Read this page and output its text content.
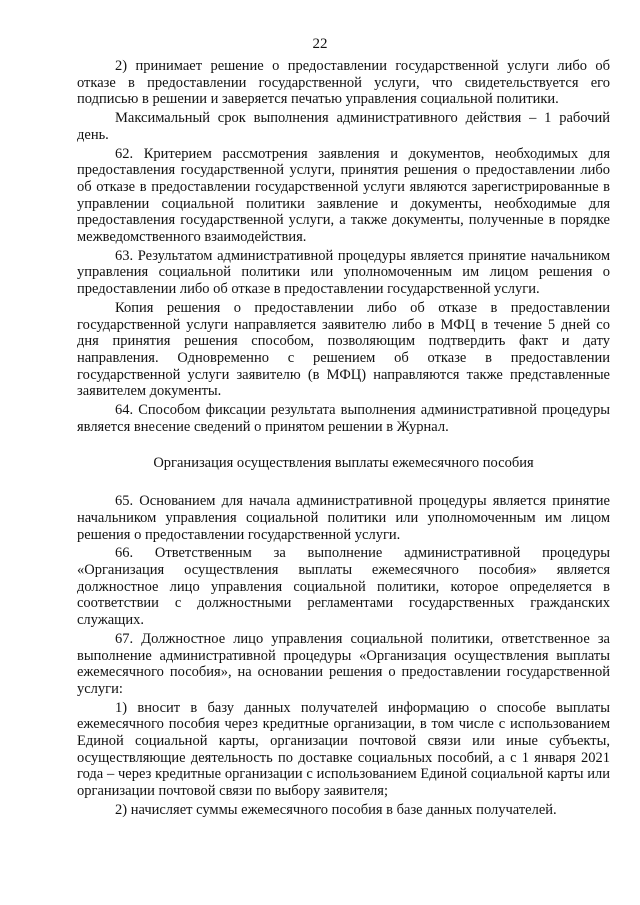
22

2) принимает решение о предоставлении государственной услуги либо об отказе в предоставлении государственной услуги, что свидетельствуется его подписью в решении и заверяется печатью управления социальной политики.

Максимальный срок выполнения административного действия – 1 рабочий день.

62. Критерием рассмотрения заявления и документов, необходимых для предоставления государственной услуги, принятия решения о предоставлении либо об отказе в предоставлении государственной услуги являются зарегистрированные в управлении социальной политики заявление и документы, необходимые для предоставления государственной услуги, а также документы, полученные в порядке межведомственного взаимодействия.

63. Результатом административной процедуры является принятие начальником управления социальной политики или уполномоченным им лицом решения о предоставлении либо об отказе в предоставлении государственной услуги.

Копия решения о предоставлении либо об отказе в предоставлении государственной услуги направляется заявителю либо в МФЦ в течение 5 дней со дня принятия решения способом, позволяющим подтвердить факт и дату направления. Одновременно с решением об отказе в предоставлении государственной услуги заявителю (в МФЦ) направляются также представленные заявителем документы.

64. Способом фиксации результата выполнения административной процедуры является внесение сведений о принятом решении в Журнал.

Организация осуществления выплаты ежемесячного пособия

65. Основанием для начала административной процедуры является принятие начальником управления социальной политики или уполномоченным им лицом решения о предоставлении государственной услуги.

66. Ответственным за выполнение административной процедуры «Организация осуществления выплаты ежемесячного пособия» является должностное лицо управления социальной политики, которое определяется в соответствии с должностными регламентами государственных гражданских служащих.

67. Должностное лицо управления социальной политики, ответственное за выполнение административной процедуры «Организация осуществления выплаты ежемесячного пособия», на основании решения о предоставлении государственной услуги:

1) вносит в базу данных получателей информацию о способе выплаты ежемесячного пособия через кредитные организации, в том числе с использованием Единой социальной карты, организации почтовой связи или иные субъекты, осуществляющие деятельность по доставке социальных пособий, а с 1 января 2021 года – через кредитные организации с использованием Единой социальной карты или организации почтовой связи по выбору заявителя;

2) начисляет суммы ежемесячного пособия в базе данных получателей.
